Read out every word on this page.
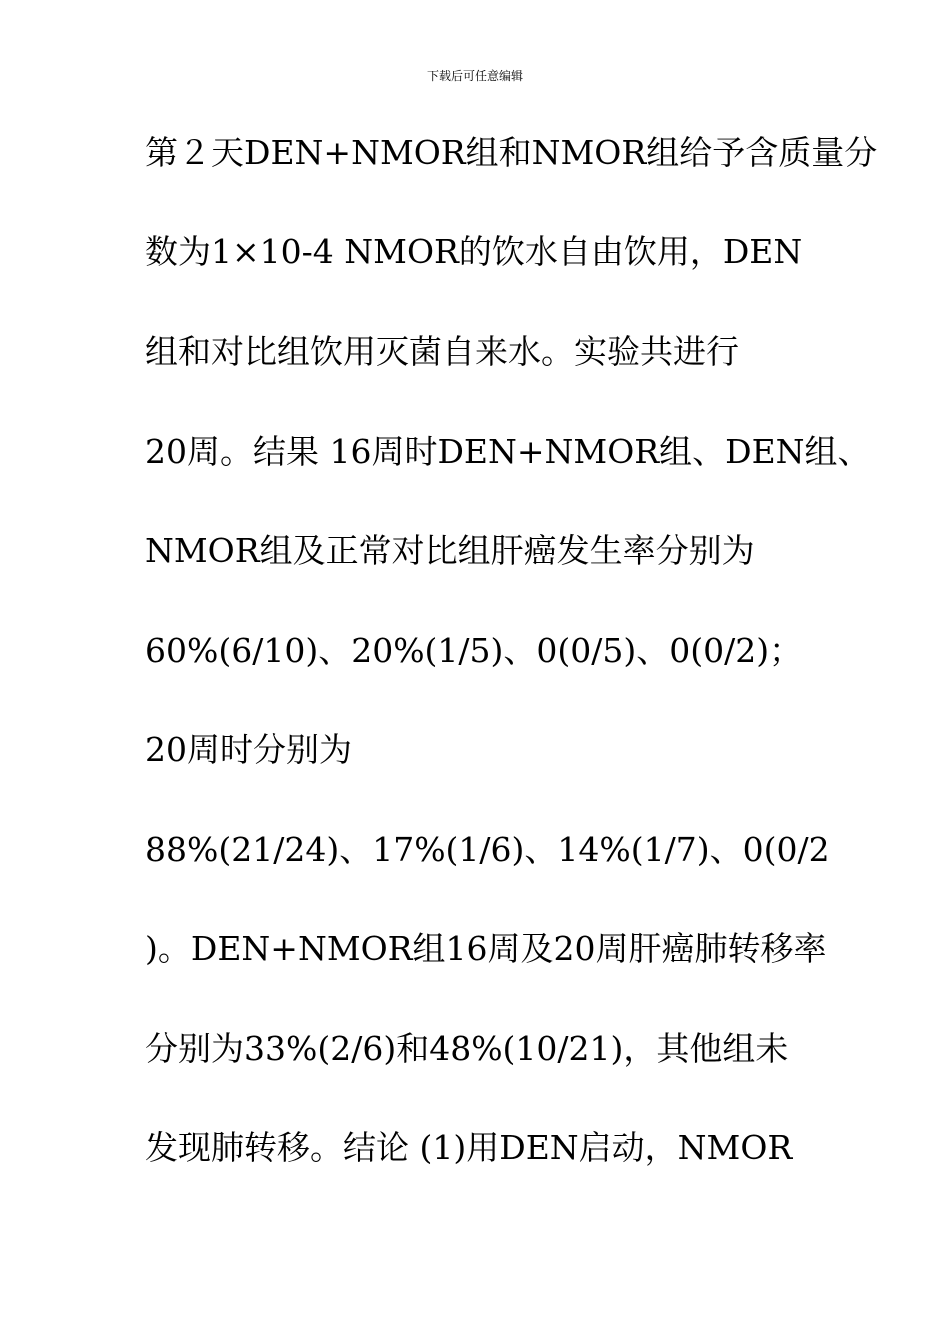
下载后可任意编辑
第２天DEN+NMOR组和NMOR组给予含质量分
数为1×10-4 NMOR的饮水自由饮用，DEN
组和对比组饮用灭菌自来水。实验共进行
20周。结果 16周时DEN+NMOR组、DEN组、
NMOR组及正常对比组肝癌发生率分别为
60%(6/10)、20%(1/5)、0(0/5)、0(0/2)；
20周时分别为
88%(21/24)、17%(1/6)、14%(1/7)、0(0/2
)。DEN+NMOR组16周及20周肝癌肺转移率
分别为33%(2/6)和48%(10/21)，其他组未
发现肺转移。结论 (1)用DEN启动，NMOR
